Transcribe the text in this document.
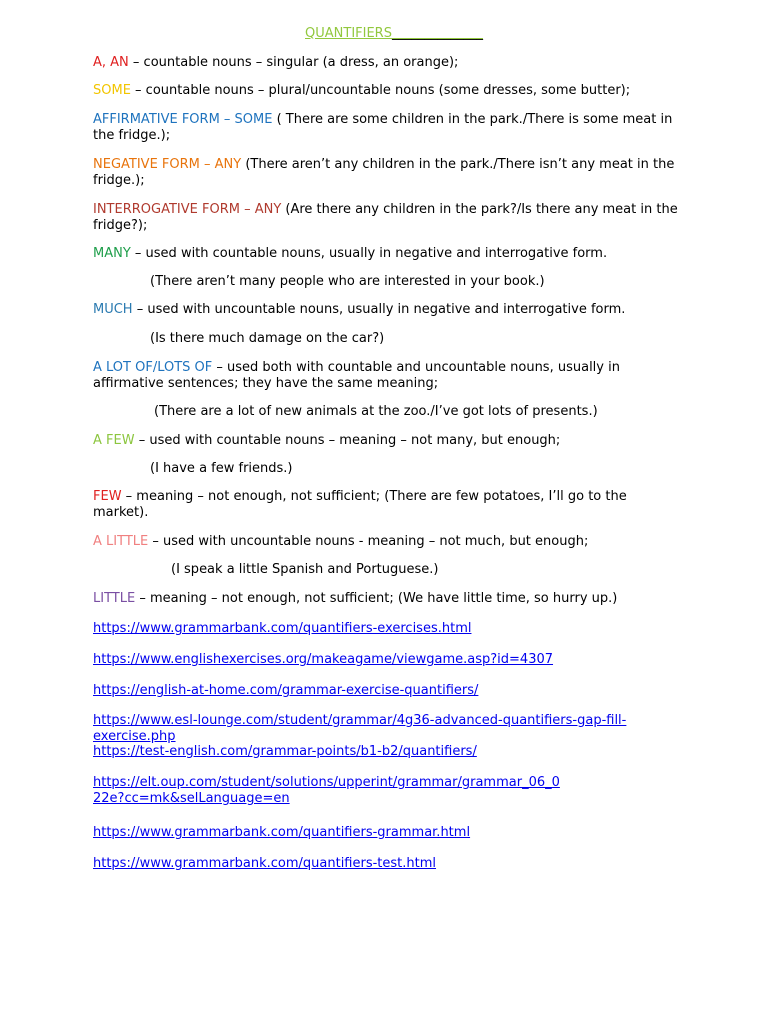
QUANTIFIERS______________

A, AN – countable nouns – singular (a dress, an orange);

SOME – countable nouns – plural/uncountable nouns (some dresses, some butter);

AFFIRMATIVE FORM – SOME ( There are some children in the park./There is some meat in the fridge.);

NEGATIVE FORM – ANY (There aren’t any children in the park./There isn’t any meat in the fridge.);

INTERROGATIVE FORM – ANY (Are there any children in the park?/Is there any meat in the fridge?);

MANY – used with countable nouns, usually in negative and interrogative form.

(There aren’t many people who are interested in your book.)

MUCH – used with uncountable nouns, usually in negative and interrogative form.

(Is there much damage on the car?)

A LOT OF/LOTS OF – used both with countable and uncountable nouns, usually in affirmative sentences; they have the same meaning;

(There are a lot of new animals at the zoo./I’ve got lots of presents.)

A FEW – used with countable nouns – meaning – not many, but enough;

(I have a few friends.)

FEW – meaning – not enough, not sufficient; (There are few potatoes, I’ll go to the market).

A LITTLE – used with uncountable nouns - meaning – not much, but enough;

(I speak a little Spanish and Portuguese.)

LITTLE – meaning – not enough, not sufficient; (We have little time, so hurry up.)

https://www.grammarbank.com/quantifiers-exercises.html
https://www.englishexercises.org/makeagame/viewgame.asp?id=4307
https://english-at-home.com/grammar-exercise-quantifiers/
https://www.esl-lounge.com/student/grammar/4g36-advanced-quantifiers-gap-fill-exercise.php
https://test-english.com/grammar-points/b1-b2/quantifiers/
https://elt.oup.com/student/solutions/upperint/grammar/grammar_06_022e?cc=mk&selLanguage=en
https://www.grammarbank.com/quantifiers-grammar.html
https://www.grammarbank.com/quantifiers-test.html
